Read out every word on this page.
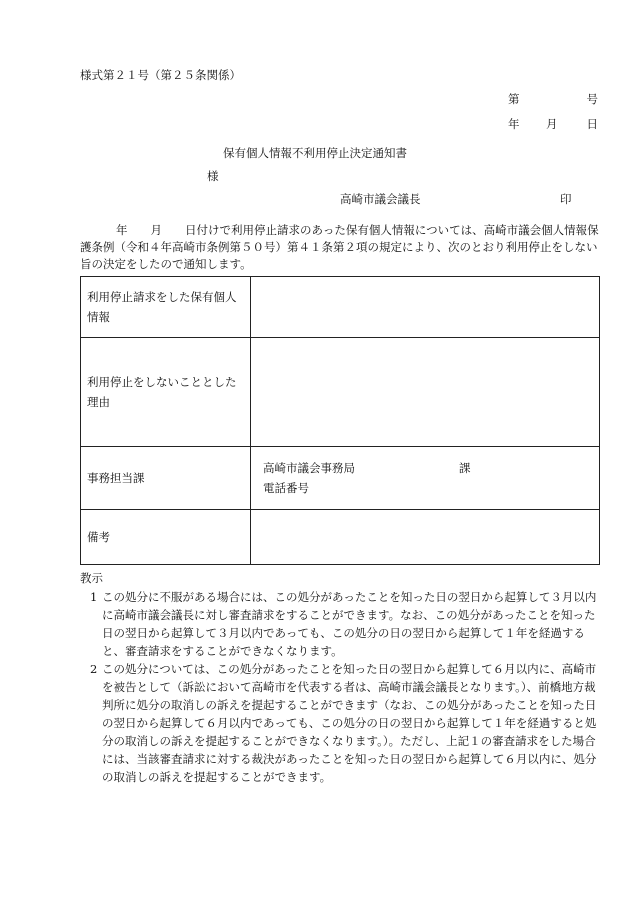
様式第２１号（第２５条関係）
第	号
年 月	日
保有個人情報不利用停止決定通知書
様
高崎市議会議長	印
年　　月　　日付けで利用停止請求のあった保有個人情報については、高崎市議会個人情報保護条例（令和４年高崎市条例第５０号）第４１条第２項の規定により、次のとおり利用停止をしない旨の決定をしたので通知します。
利用停止請求をした保有個人情報	
利用停止をしないこととした理由	
事務担当課	高崎市議会事務局 課
電話番号

備考	
教示
1 この処分に不服がある場合には、この処分があったことを知った日の翌日から起算して３月以内に高崎市議会議長に対し審査請求をすることができます。なお、この処分があったことを知った日の翌日から起算して３月以内であっても、この処分の日の翌日から起算して１年を経過すると、審査請求をすることができなくなります。
2 この処分については、この処分があったことを知った日の翌日から起算して６月以内に、高崎市を被告として（訴訟において高崎市を代表する者は、高崎市議会議長となります。）、前橋地方裁判所に処分の取消しの訴えを提起することができます（なお、この処分があったことを知った日の翌日から起算して６月以内であっても、この処分の日の翌日から起算して１年を経過すると処分の取消しの訴えを提起することができなくなります。）。ただし、上記１の審査請求をした場合には、当該審査請求に対する裁決があったことを知った日の翌日から起算して６月以内に、処分の取消しの訴えを提起することができます。
